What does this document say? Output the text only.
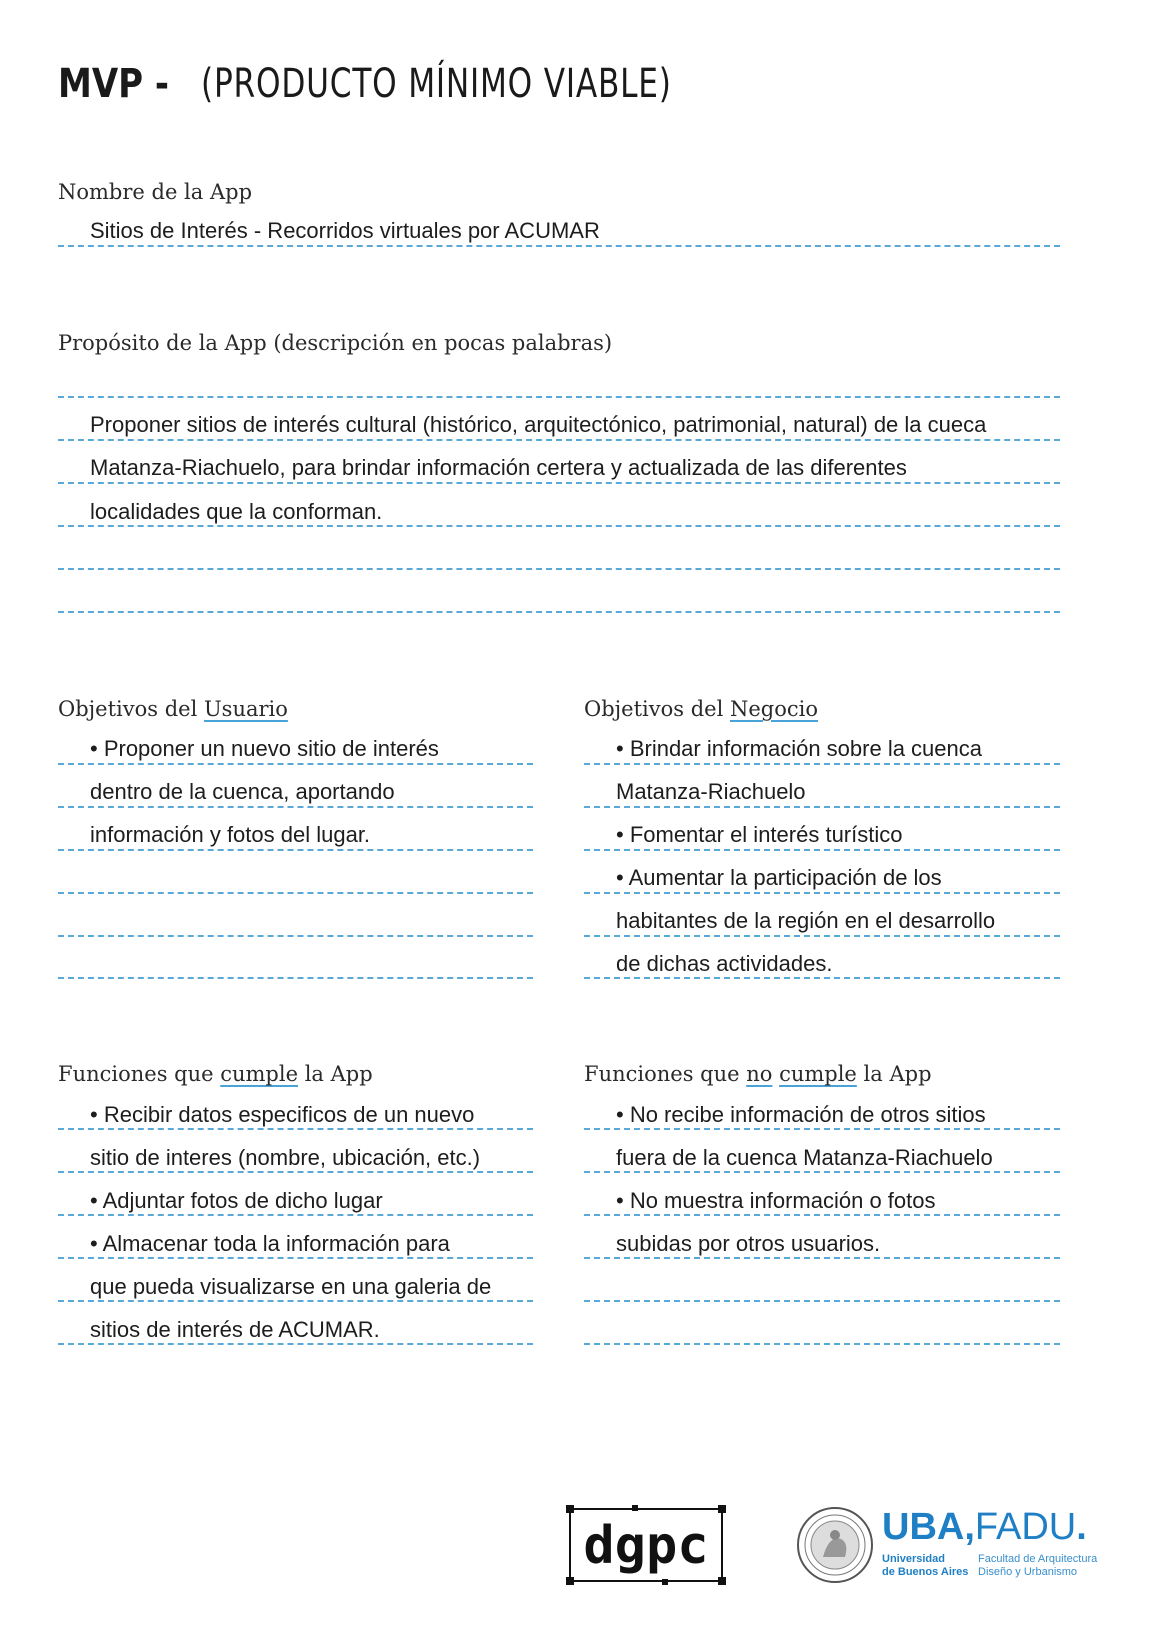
MVP - (PRODUCTO MÍNIMO VIABLE)
Nombre de la App
Sitios de Interés - Recorridos virtuales por ACUMAR
Propósito de la App (descripción en pocas palabras)
Proponer sitios de interés cultural (histórico, arquitectónico, patrimonial, natural) de la cueca
Matanza-Riachuelo, para brindar información certera y actualizada de las diferentes
localidades que la conforman.
Objetivos del Usuario
• Proponer un nuevo sitio de interés
dentro de la cuenca, aportando
información y fotos del lugar.
Objetivos del Negocio
• Brindar información sobre la cuenca
Matanza-Riachuelo
• Fomentar el interés turístico
• Aumentar la participación de los
habitantes de la región en el desarrollo
de dichas actividades.
Funciones que cumple la App
• Recibir datos especificos de un nuevo
sitio de interes (nombre, ubicación, etc.)
• Adjuntar fotos de dicho lugar
• Almacenar toda la información para
que pueda visualizarse en una galeria de
sitios de interés de ACUMAR.
Funciones que no cumple la App
• No recibe información de otros sitios
fuera de la cuenca Matanza-Riachuelo
• No muestra información o fotos
subidas por otros usuarios.
dgpc	UBA,FADU.
Universidad
de Buenos Aires
Facultad de Arquitectura
Diseño y Urbanismo
